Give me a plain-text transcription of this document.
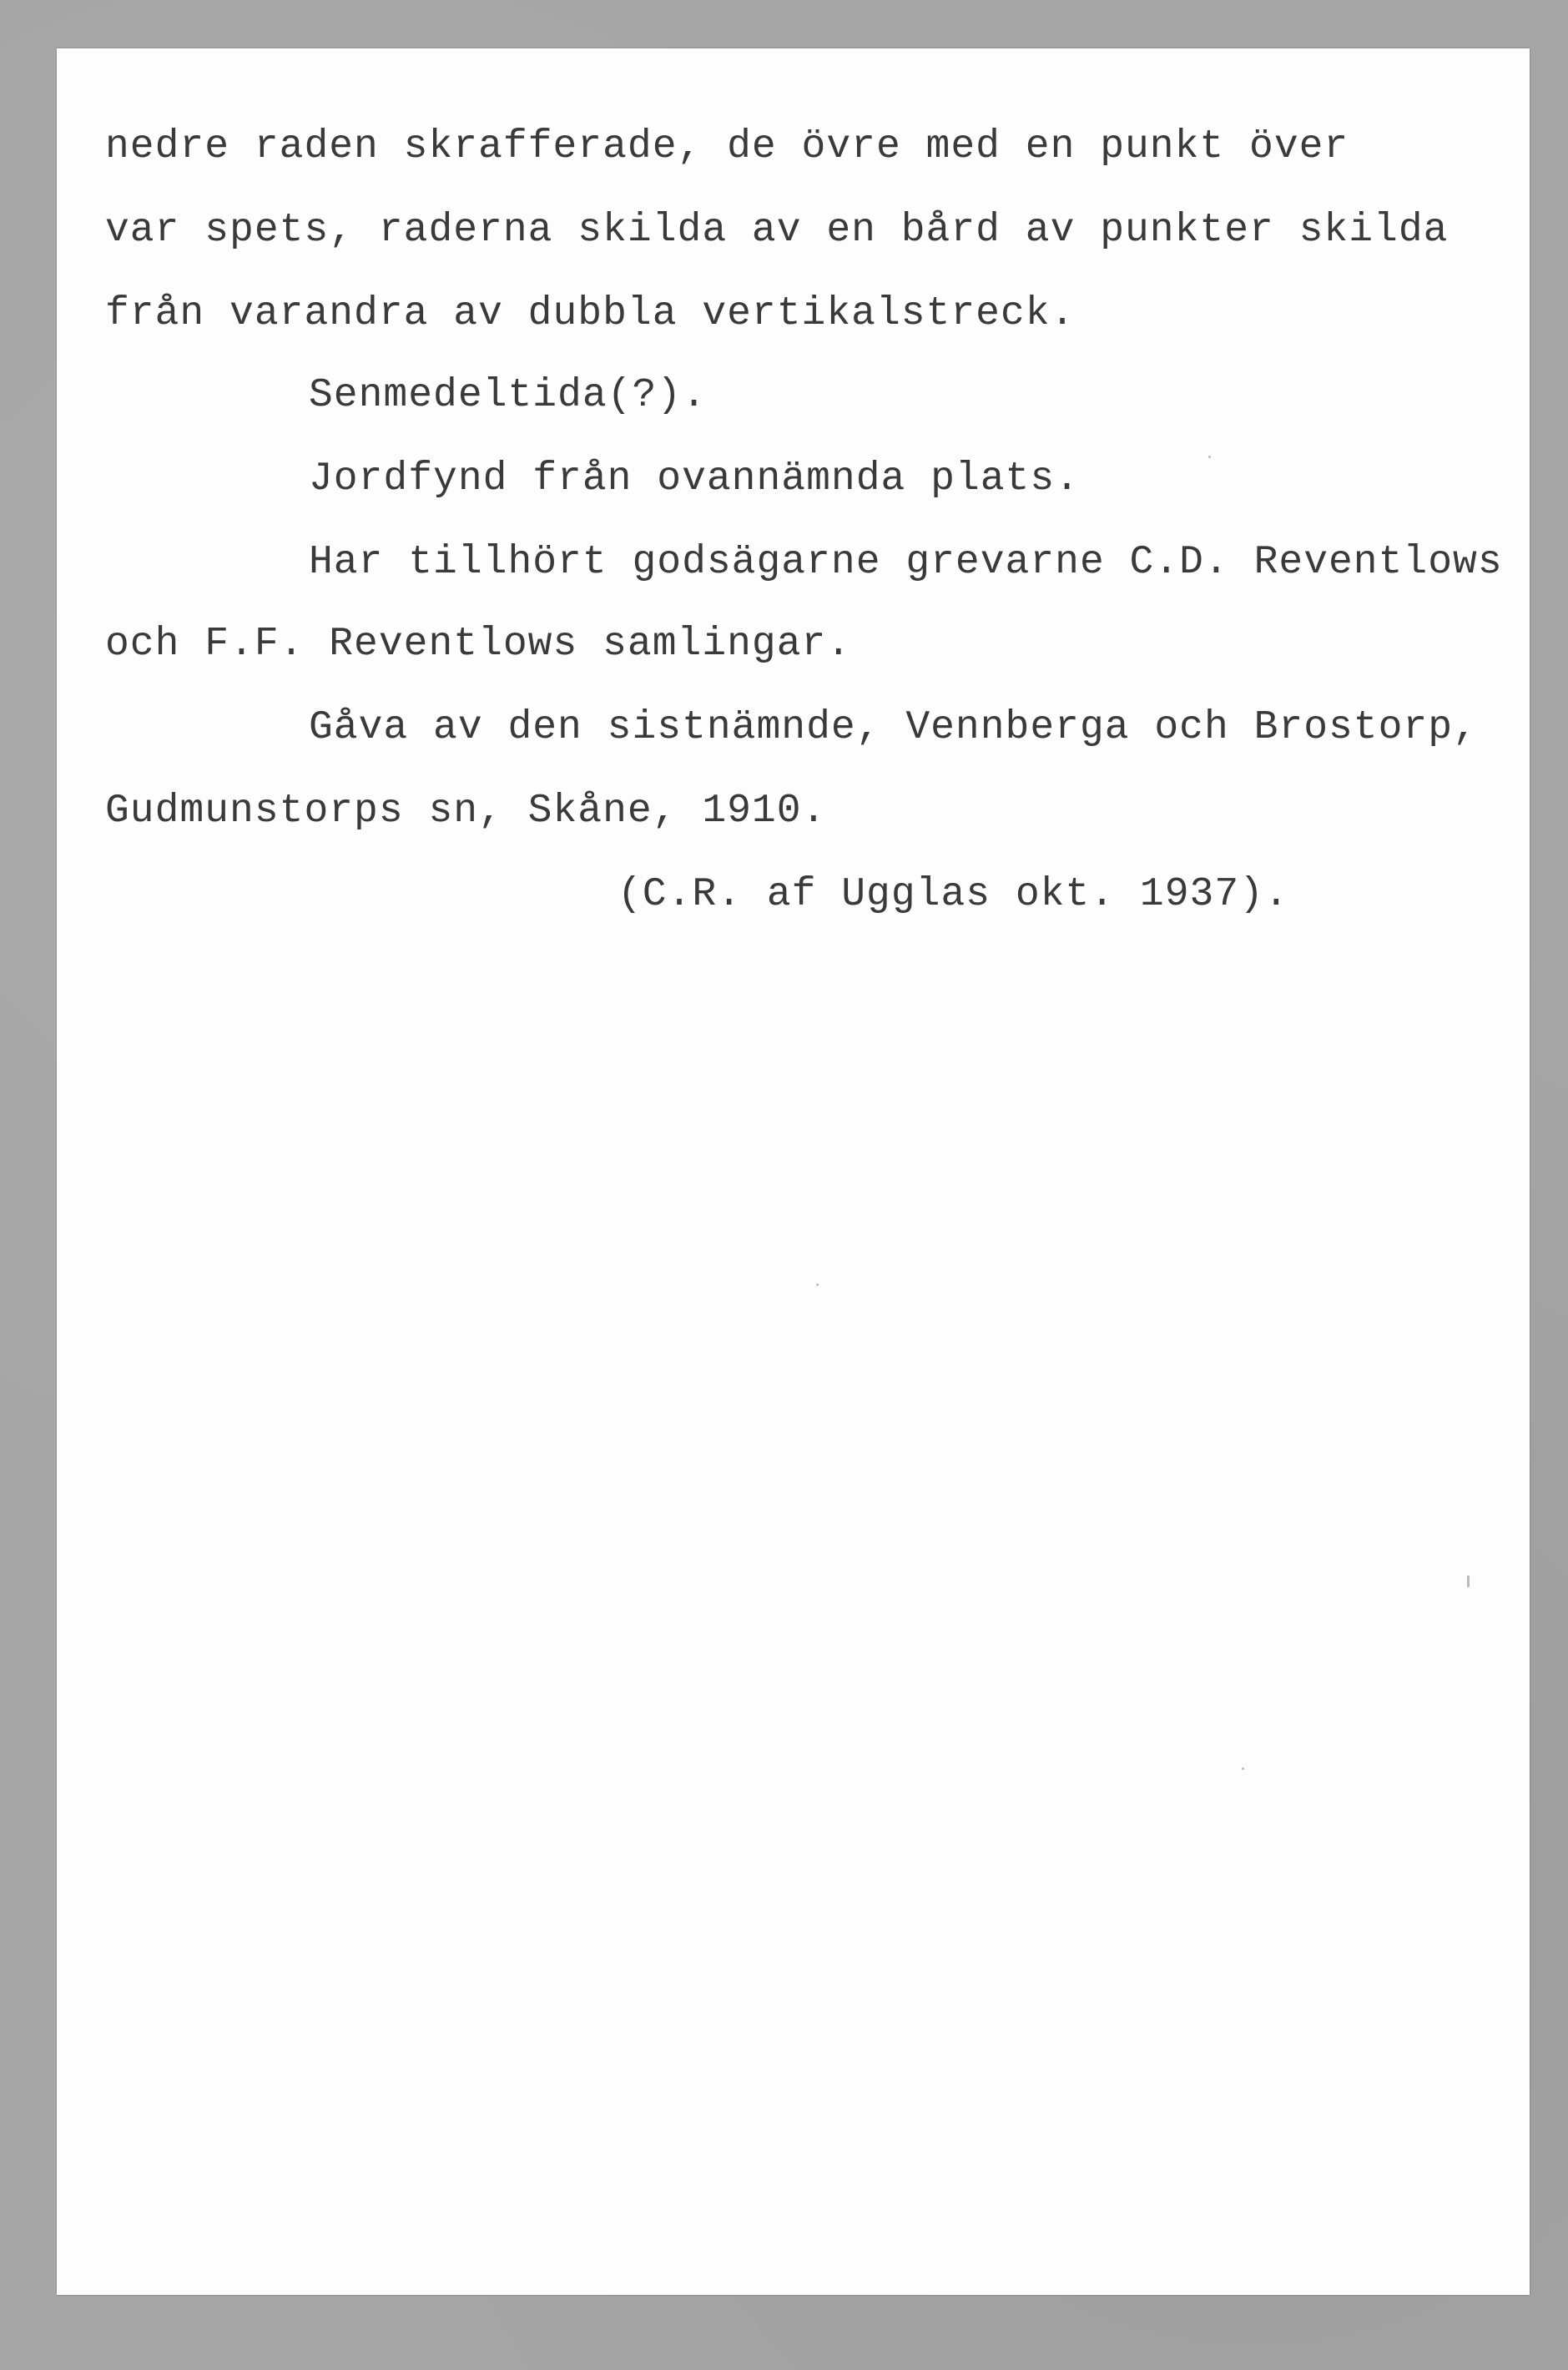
nedre raden skrafferade, de övre med en punkt över

var spets, raderna skilda av en bård av punkter skilda

från varandra av dubbla vertikalstreck.

Senmedeltida(?).

Jordfynd från ovannämnda plats.

Har tillhört godsägarne grevarne C.D. Reventlows

och F.F. Reventlows samlingar.

Gåva av den sistnämnde, Vennberga och Brostorp,

Gudmunstorps sn, Skåne, 1910.

(C.R. af Ugglas okt. 1937).
